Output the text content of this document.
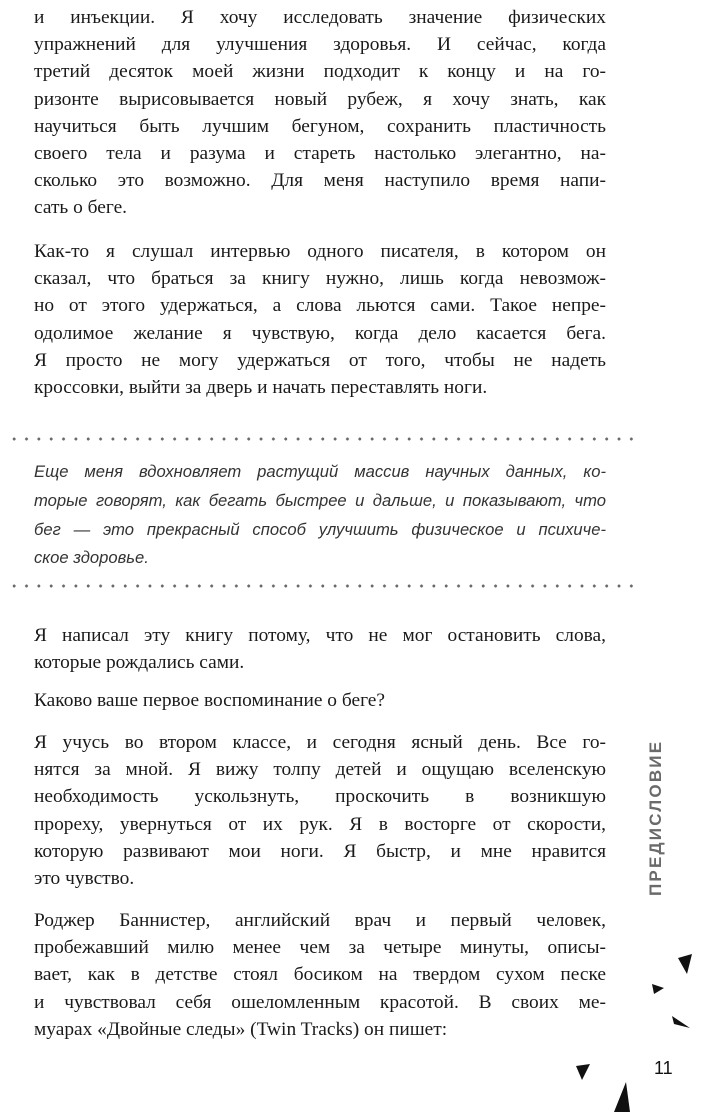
и инъекции. Я хочу исследовать значение физических
упражнений для улучшения здоровья. И сейчас, когда
третий десяток моей жизни подходит к концу и на го-
ризонте вырисовывается новый рубеж, я хочу знать, как
научиться быть лучшим бегуном, сохранить пластичность
своего тела и разума и стареть настолько элегантно, на-
сколько это возможно. Для меня наступило время напи-
сать о беге.
Как-то я слушал интервью одного писателя, в котором он
сказал, что браться за книгу нужно, лишь когда невозмож-
но от этого удержаться, а слова льются сами. Такое непре-
одолимое желание я чувствую, когда дело касается бега.
Я просто не могу удержаться от того, чтобы не надеть
кроссовки, выйти за дверь и начать переставлять ноги.
Еще меня вдохновляет растущий массив научных данных, ко-
торые говорят, как бегать быстрее и дальше, и показывают, что
бег — это прекрасный способ улучшить физическое и психиче-
ское здоровье.
Я написал эту книгу потому, что не мог остановить слова,
которые рождались сами.
Каково ваше первое воспоминание о беге?
Я учусь во втором классе, и сегодня ясный день. Все го-
нятся за мной. Я вижу толпу детей и ощущаю вселенскую
необходимость ускользнуть, проскочить в возникшую
прореху, увернуться от их рук. Я в восторге от скорости,
которую развивают мои ноги. Я быстр, и мне нравится
это чувство.
Роджер Баннистер, английский врач и первый человек,
пробежавший милю менее чем за четыре минуты, описы-
вает, как в детстве стоял босиком на твердом сухом песке
и чувствовал себя ошеломленным красотой. В своих ме-
муарах «Двойные следы» (Twin Tracks) он пишет:
ПРЕДИСЛОВИЕ
11
